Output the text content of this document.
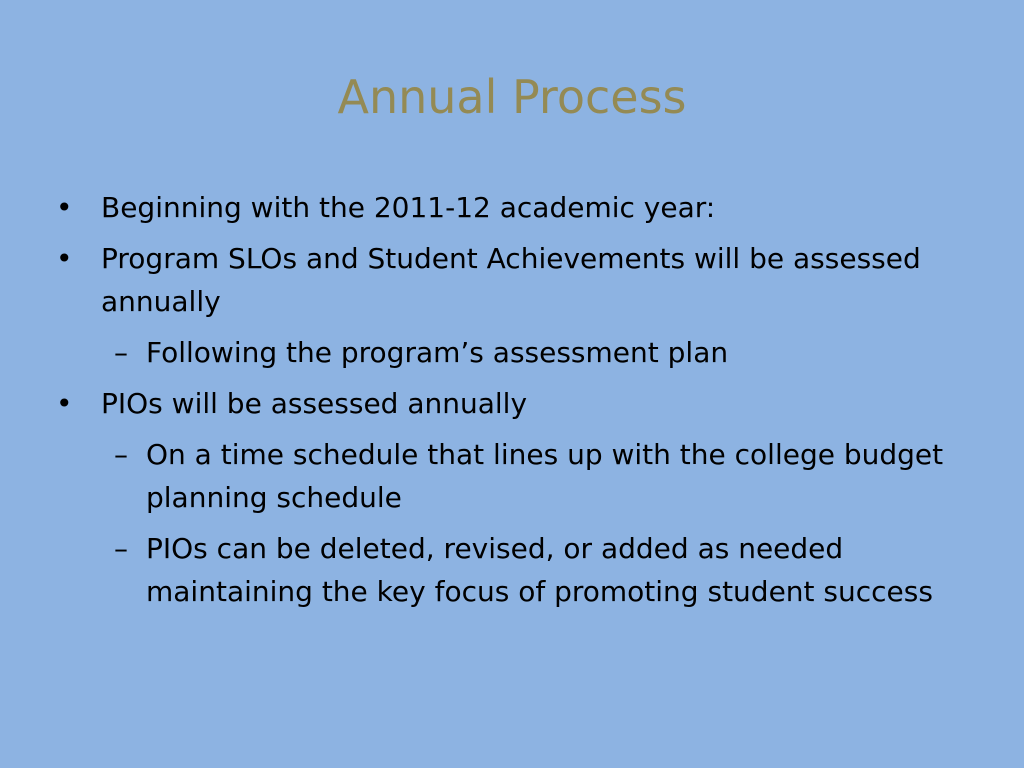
Annual Process
•	Beginning with the 2011-12 academic year:
•	Program SLOs and Student Achievements will be assessed annually
– Following the program’s assessment plan
•	PIOs will be assessed annually
– On a time schedule that lines up with the college budget planning schedule
– PIOs can be deleted, revised, or added as needed maintaining the key focus of promoting student success
